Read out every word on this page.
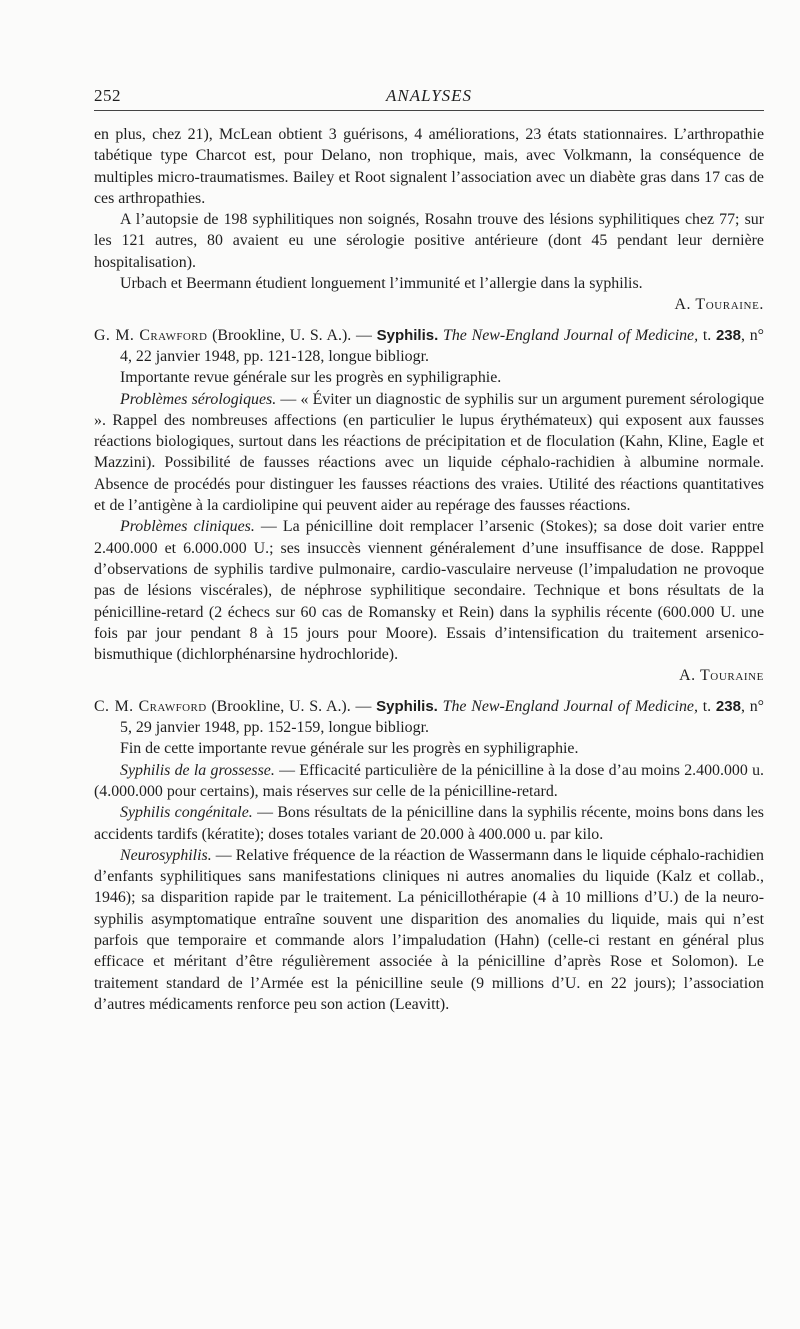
252	ANALYSES

en plus, chez 21), McLean obtient 3 guérisons, 4 améliorations, 23 états stationnaires. L’arthropathie tabétique type Charcot est, pour Delano, non trophique, mais, avec Volkmann, la conséquence de multiples micro-traumatismes. Bailey et Root signalent l’association avec un diabète gras dans 17 cas de ces arthropathies.

A l’autopsie de 198 syphilitiques non soignés, Rosahn trouve des lésions syphilitiques chez 77; sur les 121 autres, 80 avaient eu une sérologie positive antérieure (dont 45 pendant leur dernière hospitalisation).

Urbach et Beermann étudient longuement l’immunité et l’allergie dans la syphilis.

A. Touraine.

G. M. Crawford (Brookline, U. S. A.). — Syphilis. The New-England Journal of Medicine, t. 238, n° 4, 22 janvier 1948, pp. 121-128, longue bibliogr.

Importante revue générale sur les progrès en syphiligraphie.

Problèmes sérologiques. — « Éviter un diagnostic de syphilis sur un argument purement sérologique ». Rappel des nombreuses affections (en particulier le lupus érythémateux) qui exposent aux fausses réactions biologiques, surtout dans les réactions de précipitation et de floculation (Kahn, Kline, Eagle et Mazzini). Possibilité de fausses réactions avec un liquide céphalo-rachidien à albumine normale. Absence de procédés pour distinguer les fausses réactions des vraies. Utilité des réactions quantitatives et de l’antigène à la cardiolipine qui peuvent aider au repérage des fausses réactions.

Problèmes cliniques. — La pénicilline doit remplacer l’arsenic (Stokes); sa dose doit varier entre 2.400.000 et 6.000.000 U.; ses insuccès viennent généralement d’une insuffisance de dose. Rapppel d’observations de syphilis tardive pulmonaire, cardio-vasculaire nerveuse (l’impaludation ne provoque pas de lésions viscérales), de néphrose syphilitique secondaire. Technique et bons résultats de la pénicilline-retard (2 échecs sur 60 cas de Romansky et Rein) dans la syphilis récente (600.000 U. une fois par jour pendant 8 à 15 jours pour Moore). Essais d’intensification du traitement arsenico-bismuthique (dichlorphénarsine hydrochloride).

A. Touraine

C. M. Crawford (Brookline, U. S. A.). — Syphilis. The New-England Journal of Medicine, t. 238, n° 5, 29 janvier 1948, pp. 152-159, longue bibliogr.

Fin de cette importante revue générale sur les progrès en syphiligraphie.

Syphilis de la grossesse. — Efficacité particulière de la pénicilline à la dose d’au moins 2.400.000 u. (4.000.000 pour certains), mais réserves sur celle de la pénicilline-retard.

Syphilis congénitale. — Bons résultats de la pénicilline dans la syphilis récente, moins bons dans les accidents tardifs (kératite); doses totales variant de 20.000 à 400.000 u. par kilo.

Neurosyphilis. — Relative fréquence de la réaction de Wassermann dans le liquide céphalo-rachidien d’enfants syphilitiques sans manifestations cliniques ni autres anomalies du liquide (Kalz et collab., 1946); sa disparition rapide par le traitement. La pénicillothérapie (4 à 10 millions d’U.) de la neuro-syphilis asymptomatique entraîne souvent une disparition des anomalies du liquide, mais qui n’est parfois que temporaire et commande alors l’impaludation (Hahn) (celle-ci restant en général plus efficace et méritant d’être régulièrement associée à la pénicilline d’après Rose et Solomon). Le traitement standard de l’Armée est la pénicilline seule (9 millions d’U. en 22 jours); l’association d’autres médicaments renforce peu son action (Leavitt).
